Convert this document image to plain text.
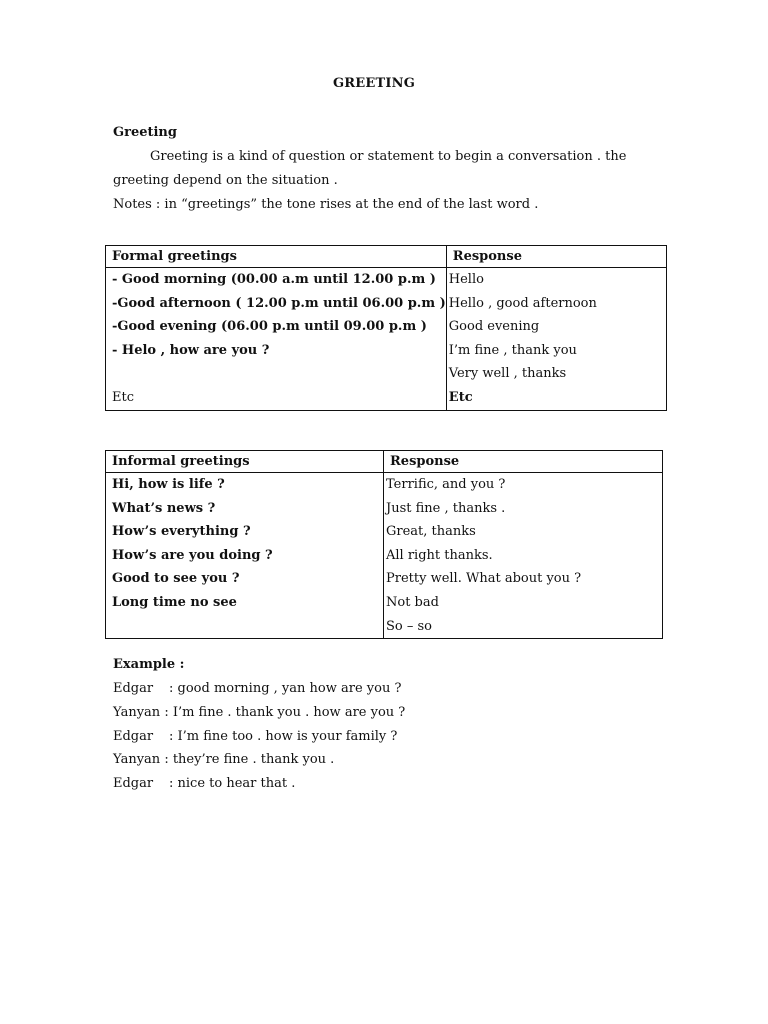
GREETING
Greeting
Greeting is a kind of question or statement to begin a conversation . the
greeting depend on the situation .
Notes : in “greetings” the tone rises at the end of the last word .
Formal greetings	Response
- Good morning (00.00 a.m until 12.00 p.m )	Hello
-Good afternoon ( 12.00 p.m until 06.00 p.m )	Hello , good afternoon
-Good evening (06.00 p.m until 09.00 p.m )	Good evening
- Helo , how are you ?	I’m fine , thank you
	Very well , thanks
Etc	Etc
Informal greetings	Response
Hi, how is life ?	Terrific, and you ?
What’s news ?	Just fine , thanks .
How’s everything ?	Great, thanks
How’s are you doing ?	All right thanks.
Good to see you ?	Pretty well. What about you ?
Long time no see	Not bad
	So – so
Example :
Edgar : good morning , yan how are you ?
Yanyan : I’m fine . thank you . how are you ?
Edgar : I’m fine too . how is your family ?
Yanyan : they’re fine . thank you .
Edgar : nice to hear that .
